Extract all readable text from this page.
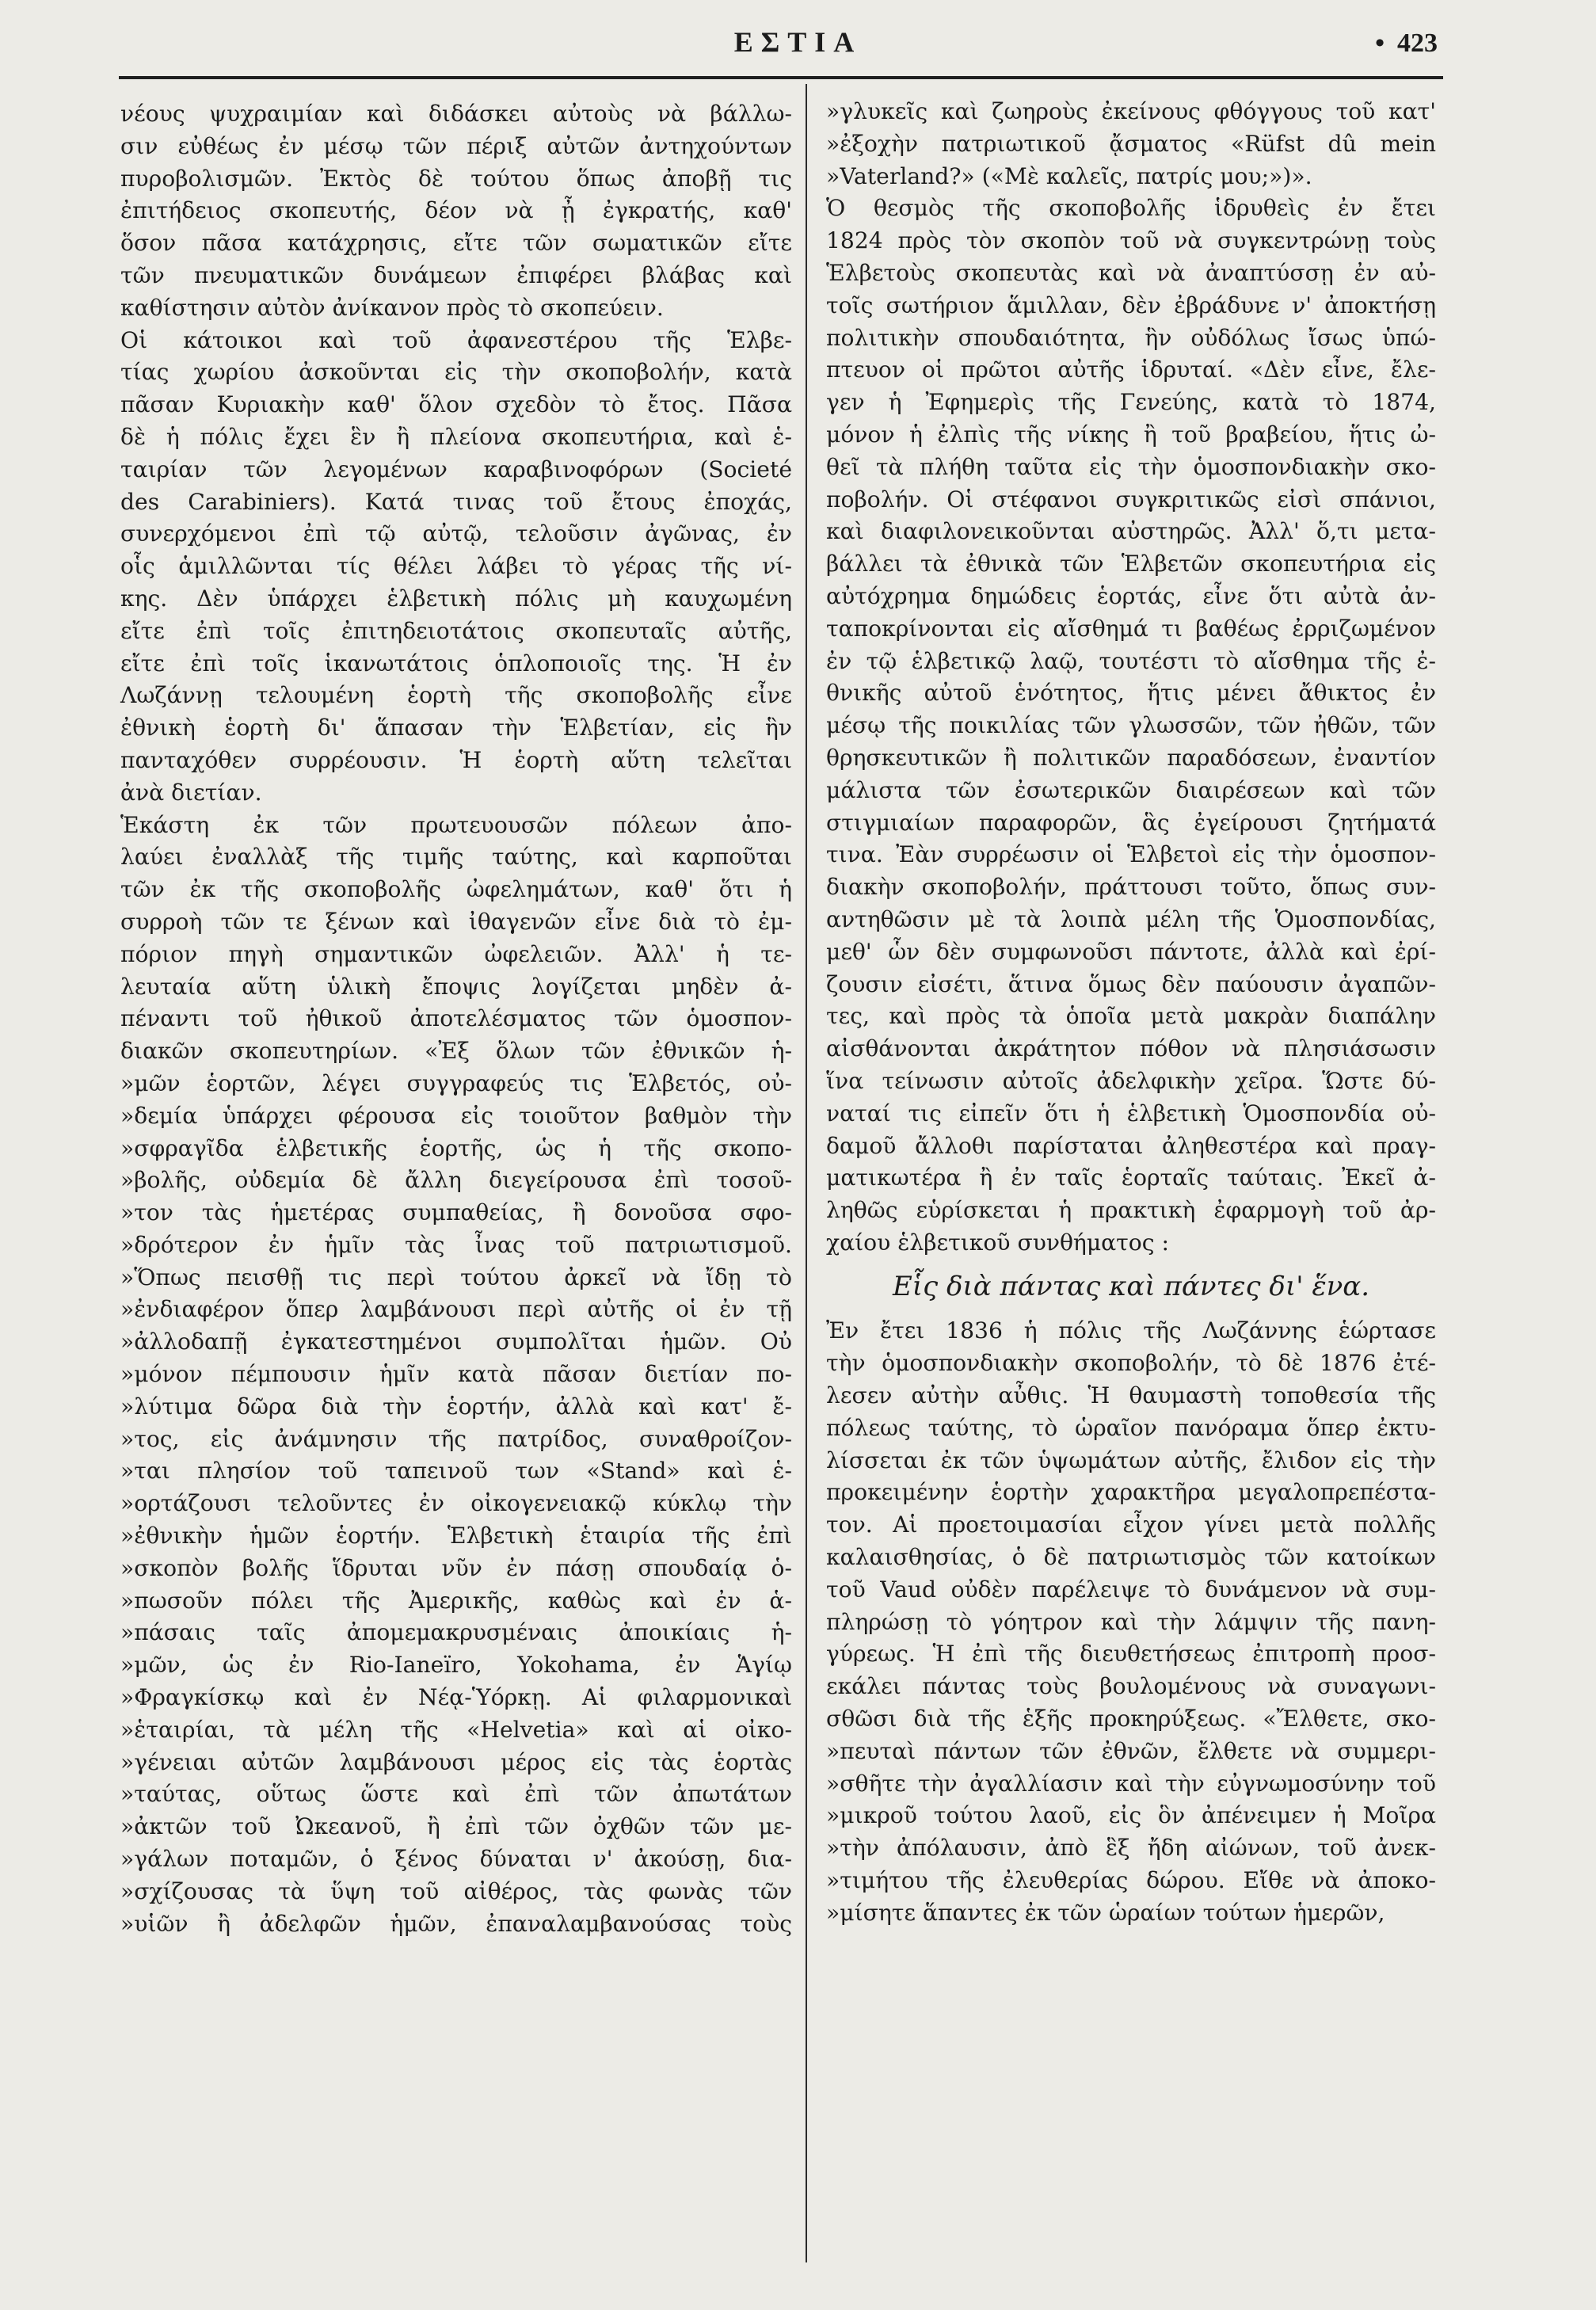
ΕΣΤΙΑ	• 423
νέους ψυχραιμίαν καὶ διδάσκει αὐτοὺς νὰ βάλλω-
σιν εὐθέως ἐν μέσῳ τῶν πέριξ αὐτῶν ἀντηχούντων
πυροβολισμῶν. Ἐκτὸς δὲ τούτου ὅπως ἀποβῇ τις
ἐπιτήδειος σκοπευτής, δέον νὰ ᾖ ἐγκρατής, καθ'
ὅσον πᾶσα κατάχρησις, εἴτε τῶν σωματικῶν εἴτε
τῶν πνευματικῶν δυνάμεων ἐπιφέρει βλάβας καὶ
καθίστησιν αὐτὸν ἀνίκανον πρὸς τὸ σκοπεύειν.
Οἱ κάτοικοι καὶ τοῦ ἀφανεστέρου τῆς Ἑλβε-
τίας χωρίου ἀσκοῦνται εἰς τὴν σκοποβολήν, κατὰ
πᾶσαν Κυριακὴν καθ' ὅλον σχεδὸν τὸ ἔτος. Πᾶσα
δὲ ἡ πόλις ἔχει ἓν ἢ πλείονα σκοπευτήρια, καὶ ἑ-
ταιρίαν τῶν λεγομένων καραβινοφόρων (Societé
des Carabiniers). Κατά τινας τοῦ ἔτους ἐποχάς,
συνερχόμενοι ἐπὶ τῷ αὐτῷ, τελοῦσιν ἀγῶνας, ἐν
οἷς ἁμιλλῶνται τίς θέλει λάβει τὸ γέρας τῆς νί-
κης. Δὲν ὑπάρχει ἑλβετικὴ πόλις μὴ καυχωμένη
εἴτε ἐπὶ τοῖς ἐπιτηδειοτάτοις σκοπευταῖς αὐτῆς,
εἴτε ἐπὶ τοῖς ἱκανωτάτοις ὁπλοποιοῖς της. Ἡ ἐν
Λωζάννῃ τελουμένη ἑορτὴ τῆς σκοποβολῆς εἶνε
ἐθνικὴ ἑορτὴ δι' ἅπασαν τὴν Ἑλβετίαν, εἰς ἣν
πανταχόθεν συρρέουσιν. Ἡ ἑορτὴ αὕτη τελεῖται
ἀνὰ διετίαν.
Ἑκάστη ἐκ τῶν πρωτευουσῶν πόλεων ἀπο-
λαύει ἐναλλὰξ τῆς τιμῆς ταύτης, καὶ καρποῦται
τῶν ἐκ τῆς σκοποβολῆς ὠφελημάτων, καθ' ὅτι ἡ
συρροὴ τῶν τε ξένων καὶ ἰθαγενῶν εἶνε διὰ τὸ ἐμ-
πόριον πηγὴ σημαντικῶν ὠφελειῶν. Ἀλλ' ἡ τε-
λευταία αὕτη ὑλικὴ ἔποψις λογίζεται μηδὲν ἀ-
πέναντι τοῦ ἠθικοῦ ἀποτελέσματος τῶν ὁμοσπον-
διακῶν σκοπευτηρίων. «Ἐξ ὅλων τῶν ἐθνικῶν ἡ-
»μῶν ἑορτῶν, λέγει συγγραφεύς τις Ἑλβετός, οὐ-
»δεμία ὑπάρχει φέρουσα εἰς τοιοῦτον βαθμὸν τὴν
»σφραγῖδα ἑλβετικῆς ἑορτῆς, ὡς ἡ τῆς σκοπο-
»βολῆς, οὐδεμία δὲ ἄλλη διεγείρουσα ἐπὶ τοσοῦ-
»τον τὰς ἡμετέρας συμπαθείας, ἢ δονοῦσα σφο-
»δρότερον ἐν ἡμῖν τὰς ἶνας τοῦ πατριωτισμοῦ.
»Ὅπως πεισθῇ τις περὶ τούτου ἀρκεῖ νὰ ἴδῃ τὸ
»ἐνδιαφέρον ὅπερ λαμβάνουσι περὶ αὐτῆς οἱ ἐν τῇ
»ἀλλοδαπῇ ἐγκατεστημένοι συμπολῖται ἡμῶν. Οὐ
»μόνον πέμπουσιν ἡμῖν κατὰ πᾶσαν διετίαν πο-
»λύτιμα δῶρα διὰ τὴν ἑορτήν, ἀλλὰ καὶ κατ' ἔ-
»τος, εἰς ἀνάμνησιν τῆς πατρίδος, συναθροίζον-
»ται πλησίον τοῦ ταπεινοῦ των «Stand» καὶ ἑ-
»ορτάζουσι τελοῦντες ἐν οἰκογενειακῷ κύκλῳ τὴν
»ἐθνικὴν ἡμῶν ἑορτήν. Ἑλβετικὴ ἑταιρία τῆς ἐπὶ
»σκοπὸν βολῆς ἵδρυται νῦν ἐν πάσῃ σπουδαίᾳ ὁ-
»πωσοῦν πόλει τῆς Ἀμερικῆς, καθὼς καὶ ἐν ἁ-
»πάσαις ταῖς ἀπομεμακρυσμέναις ἀποικίαις ἡ-
»μῶν, ὡς ἐν Rio-Ianeïro, Yokohama, ἐν Ἁγίῳ
»Φραγκίσκῳ καὶ ἐν Νέᾳ-Ὑόρκῃ. Αἱ φιλαρμονικαὶ
»ἑταιρίαι, τὰ μέλη τῆς «Helvetia» καὶ αἱ οἰκο-
»γένειαι αὐτῶν λαμβάνουσι μέρος εἰς τὰς ἑορτὰς
»ταύτας, οὕτως ὥστε καὶ ἐπὶ τῶν ἀπωτάτων
»ἀκτῶν τοῦ Ὠκεανοῦ, ἢ ἐπὶ τῶν ὀχθῶν τῶν με-
»γάλων ποταμῶν, ὁ ξένος δύναται ν' ἀκούσῃ, δια-
»σχίζουσας τὰ ὕψη τοῦ αἰθέρος, τὰς φωνὰς τῶν
»υἱῶν ἢ ἀδελφῶν ἡμῶν, ἐπαναλαμβανούσας τοὺς
»γλυκεῖς καὶ ζωηροὺς ἐκείνους φθόγγους τοῦ κατ'
»ἐξοχὴν πατριωτικοῦ ᾄσματος «Rüfst dû mein
»Vaterland?» («Μὲ καλεῖς, πατρίς μου;»)».
Ὁ θεσμὸς τῆς σκοποβολῆς ἱδρυθεὶς ἐν ἔτει
1824 πρὸς τὸν σκοπὸν τοῦ νὰ συγκεντρώνῃ τοὺς
Ἑλβετοὺς σκοπευτὰς καὶ νὰ ἀναπτύσσῃ ἐν αὐ-
τοῖς σωτήριον ἅμιλλαν, δὲν ἐβράδυνε ν' ἀποκτήσῃ
πολιτικὴν σπουδαιότητα, ἣν οὐδόλως ἴσως ὑπώ-
πτευον οἱ πρῶτοι αὐτῆς ἱδρυταί. «Δὲν εἶνε, ἔλε-
γεν ἡ Ἐφημερὶς τῆς Γενεύης, κατὰ τὸ 1874,
μόνον ἡ ἐλπὶς τῆς νίκης ἢ τοῦ βραβείου, ἥτις ὠ-
θεῖ τὰ πλήθη ταῦτα εἰς τὴν ὁμοσπονδιακὴν σκο-
ποβολήν. Οἱ στέφανοι συγκριτικῶς εἰσὶ σπάνιοι,
καὶ διαφιλονεικοῦνται αὐστηρῶς. Ἀλλ' ὅ,τι μετα-
βάλλει τὰ ἐθνικὰ τῶν Ἑλβετῶν σκοπευτήρια εἰς
αὐτόχρημα δημώδεις ἑορτάς, εἶνε ὅτι αὐτὰ ἀν-
ταποκρίνονται εἰς αἴσθημά τι βαθέως ἐρριζωμένον
ἐν τῷ ἑλβετικῷ λαῷ, τουτέστι τὸ αἴσθημα τῆς ἐ-
θνικῆς αὐτοῦ ἑνότητος, ἥτις μένει ἄθικτος ἐν
μέσῳ τῆς ποικιλίας τῶν γλωσσῶν, τῶν ἠθῶν, τῶν
θρησκευτικῶν ἢ πολιτικῶν παραδόσεων, ἐναντίον
μάλιστα τῶν ἐσωτερικῶν διαιρέσεων καὶ τῶν
στιγμιαίων παραφορῶν, ἃς ἐγείρουσι ζητήματά
τινα. Ἐὰν συρρέωσιν οἱ Ἑλβετοὶ εἰς τὴν ὁμοσπον-
διακὴν σκοποβολήν, πράττουσι τοῦτο, ὅπως συν-
αντηθῶσιν μὲ τὰ λοιπὰ μέλη τῆς Ὁμοσπονδίας,
μεθ' ὧν δὲν συμφωνοῦσι πάντοτε, ἀλλὰ καὶ ἐρί-
ζουσιν εἰσέτι, ἅτινα ὅμως δὲν παύουσιν ἀγαπῶν-
τες, καὶ πρὸς τὰ ὁποῖα μετὰ μακρὰν διαπάλην
αἰσθάνονται ἀκράτητον πόθον νὰ πλησιάσωσιν
ἵνα τείνωσιν αὐτοῖς ἀδελφικὴν χεῖρα. Ὥστε δύ-
ναταί τις εἰπεῖν ὅτι ἡ ἑλβετικὴ Ὁμοσπονδία οὐ-
δαμοῦ ἄλλοθι παρίσταται ἀληθεστέρα καὶ πραγ-
ματικωτέρα ἢ ἐν ταῖς ἑορταῖς ταύταις. Ἐκεῖ ἀ-
ληθῶς εὑρίσκεται ἡ πρακτικὴ ἐφαρμογὴ τοῦ ἀρ-
χαίου ἑλβετικοῦ συνθήματος :
Εἷς διὰ πάντας καὶ πάντες δι' ἕνα.
Ἐν ἔτει 1836 ἡ πόλις τῆς Λωζάννης ἑώρτασε
τὴν ὁμοσπονδιακὴν σκοποβολήν, τὸ δὲ 1876 ἐτέ-
λεσεν αὐτὴν αὖθις. Ἡ θαυμαστὴ τοποθεσία τῆς
πόλεως ταύτης, τὸ ὡραῖον πανόραμα ὅπερ ἐκτυ-
λίσσεται ἐκ τῶν ὑψωμάτων αὐτῆς, ἔλιδον εἰς τὴν
προκειμένην ἑορτὴν χαρακτῆρα μεγαλοπρεπέστα-
τον. Αἱ προετοιμασίαι εἶχον γίνει μετὰ πολλῆς
καλαισθησίας, ὁ δὲ πατριωτισμὸς τῶν κατοίκων
τοῦ Vaud οὐδὲν παρέλειψε τὸ δυνάμενον νὰ συμ-
πληρώσῃ τὸ γόητρον καὶ τὴν λάμψιν τῆς πανη-
γύρεως. Ἡ ἐπὶ τῆς διευθετήσεως ἐπιτροπὴ προσ-
εκάλει πάντας τοὺς βουλομένους νὰ συναγωνι-
σθῶσι διὰ τῆς ἑξῆς προκηρύξεως. «Ἔλθετε, σκο-
»πευταὶ πάντων τῶν ἐθνῶν, ἔλθετε νὰ συμμερι-
»σθῆτε τὴν ἀγαλλίασιν καὶ τὴν εὐγνωμοσύνην τοῦ
»μικροῦ τούτου λαοῦ, εἰς ὃν ἀπένειμεν ἡ Μοῖρα
»τὴν ἀπόλαυσιν, ἀπὸ ἓξ ἤδη αἰώνων, τοῦ ἀνεκ-
»τιμήτου τῆς ἐλευθερίας δώρου. Εἴθε νὰ ἀποκο-
»μίσητε ἅπαντες ἐκ τῶν ὡραίων τούτων ἡμερῶν,
